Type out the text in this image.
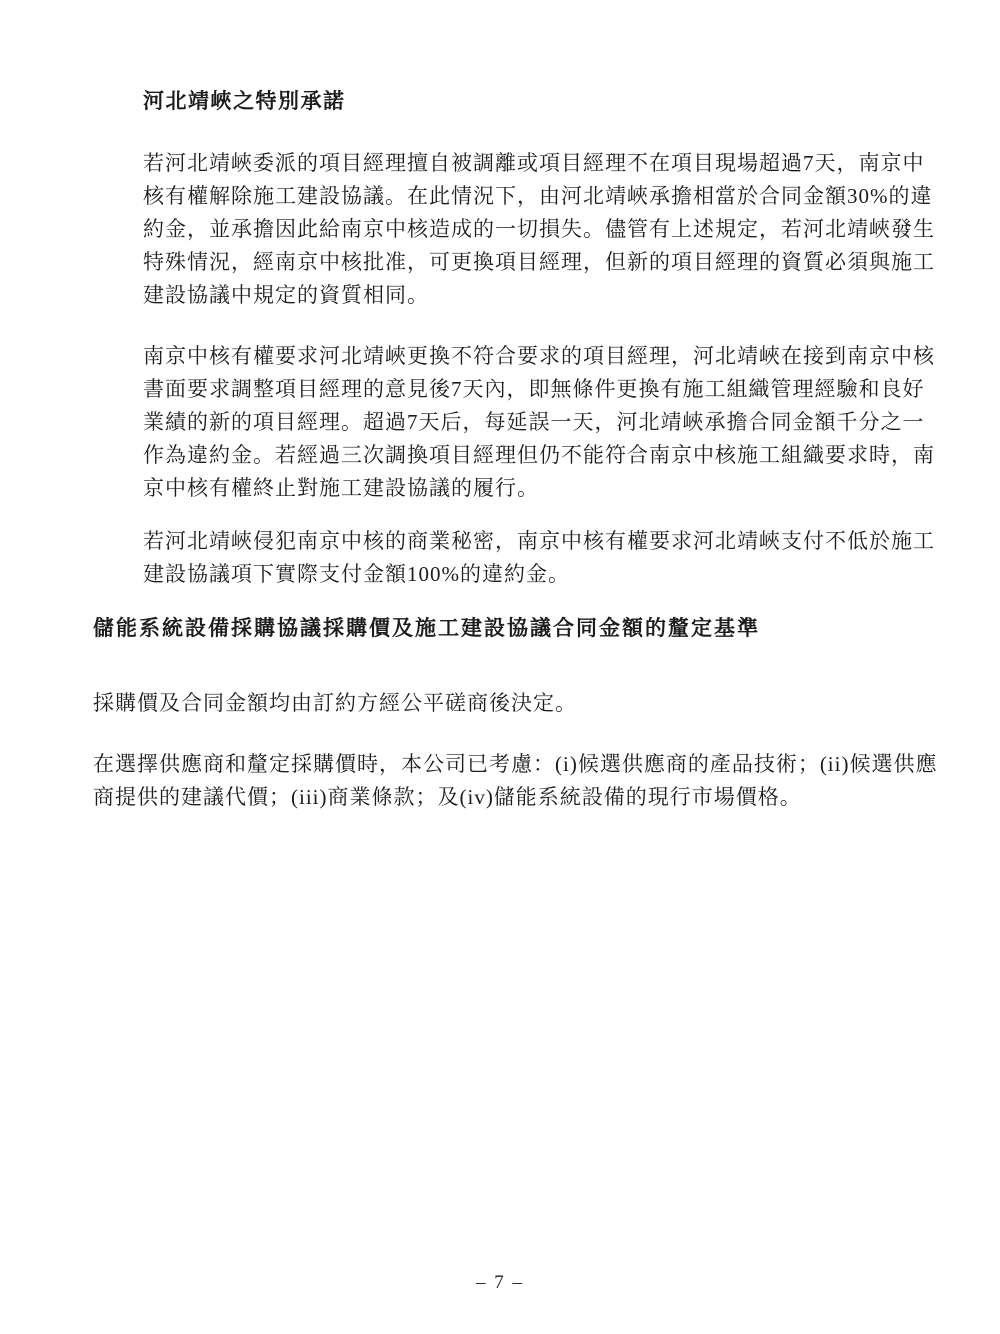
河北靖峽之特別承諾
若河北靖峽委派的項目經理擅自被調離或項目經理不在項目現場超過7天，南京中
核有權解除施工建設協議。在此情況下，由河北靖峽承擔相當於合同金額30%的違
約金，並承擔因此給南京中核造成的一切損失。儘管有上述規定，若河北靖峽發生
特殊情況，經南京中核批准，可更換項目經理，但新的項目經理的資質必須與施工
建設協議中規定的資質相同。
南京中核有權要求河北靖峽更換不符合要求的項目經理，河北靖峽在接到南京中核
書面要求調整項目經理的意見後7天內，即無條件更換有施工組織管理經驗和良好
業績的新的項目經理。超過7天后，每延誤一天，河北靖峽承擔合同金額千分之一
作為違約金。若經過三次調換項目經理但仍不能符合南京中核施工組織要求時，南
京中核有權終止對施工建設協議的履行。
若河北靖峽侵犯南京中核的商業秘密，南京中核有權要求河北靖峽支付不低於施工
建設協議項下實際支付金額100%的違約金。
儲能系統設備採購協議採購價及施工建設協議合同金額的釐定基準
採購價及合同金額均由訂約方經公平磋商後決定。
在選擇供應商和釐定採購價時，本公司已考慮：(i)候選供應商的產品技術；(ii)候選供應
商提供的建議代價；(iii)商業條款；及(iv)儲能系統設備的現行市場價格。
– 7 –
